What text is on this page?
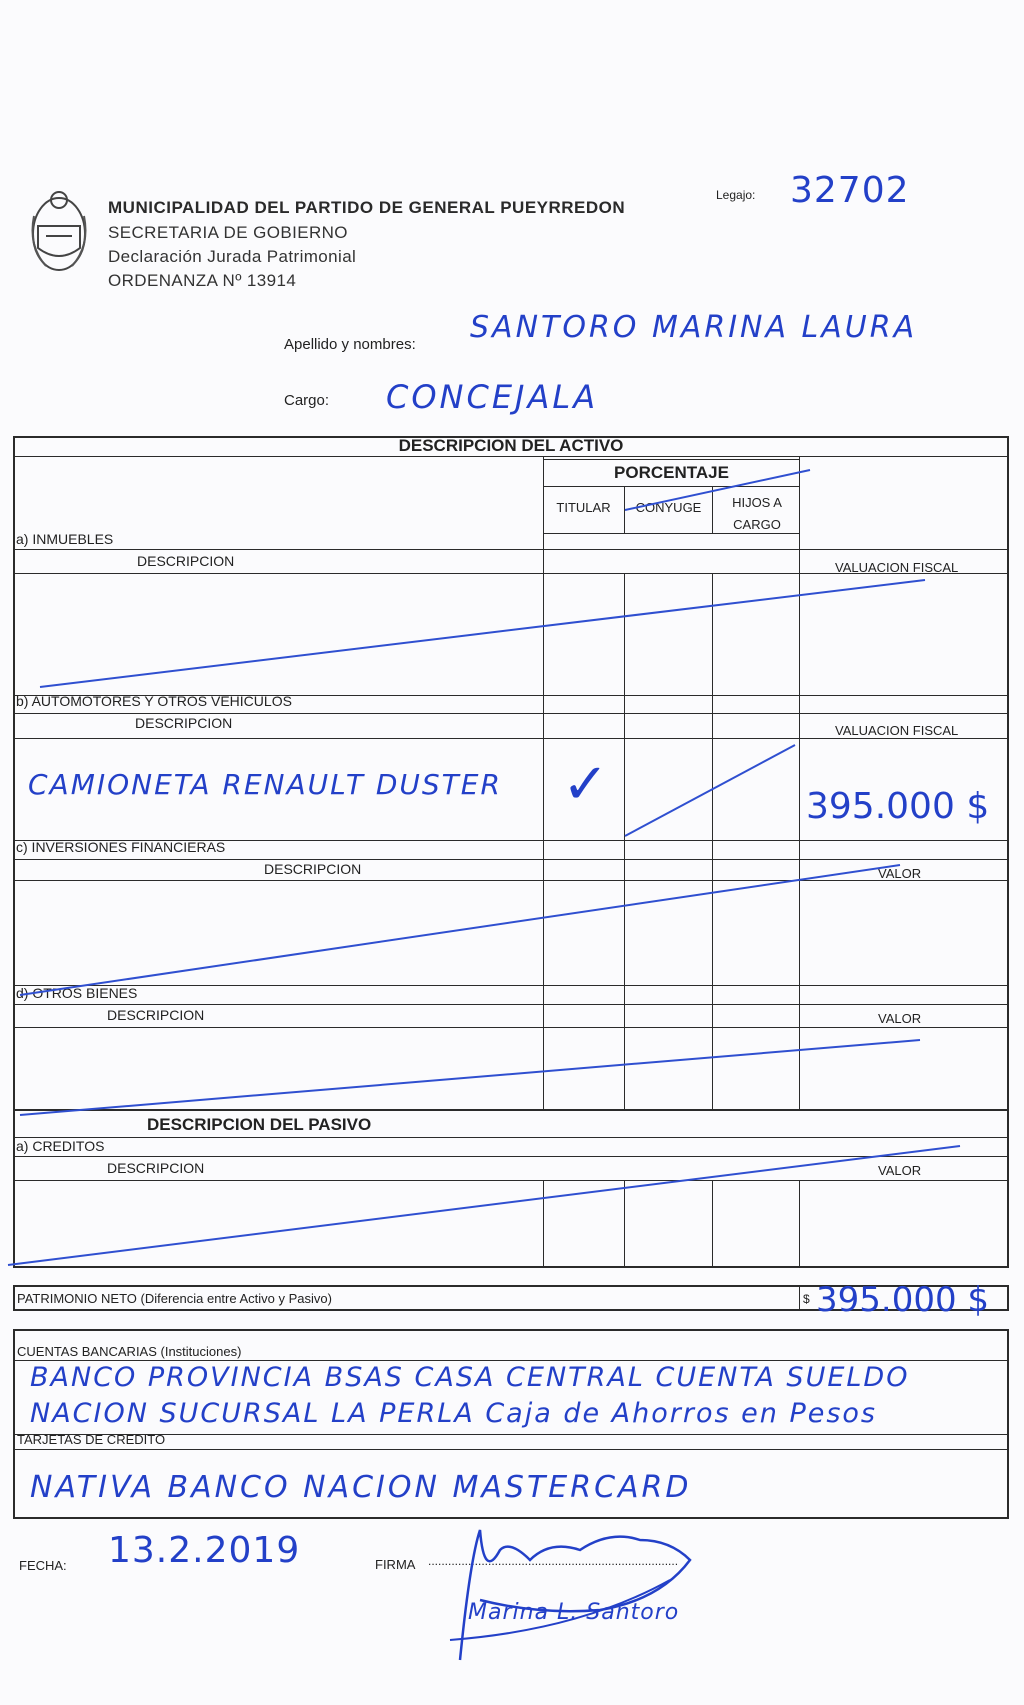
MUNICIPALIDAD DEL PARTIDO DE GENERAL PUEYRREDON
SECRETARIA DE GOBIERNO
Declaración Jurada Patrimonial
ORDENANZA Nº 13914
Legajo: 32702
Apellido y nombres: SANTORO MARINA LAURA
Cargo: CONCEJALA
DESCRIPCION DEL ACTIVO
PORCENTAJE
TITULAR	CONYUGE	HIJOS A CARGO
a) INMUEBLES
DESCRIPCION	VALUACION FISCAL
b) AUTOMOTORES Y OTROS VEHICULOS
DESCRIPCION	VALUACION FISCAL
CAMIONETA RENAULT DUSTER ✓	395.000 $
c) INVERSIONES FINANCIERAS
DESCRIPCION	VALOR
d) OTROS BIENES
DESCRIPCION	VALOR
DESCRIPCION DEL PASIVO
a) CREDITOS
DESCRIPCION	VALOR
PATRIMONIO NETO (Diferencia entre Activo y Pasivo)	$ 395.000 $
CUENTAS BANCARIAS (Instituciones)
BANCO PROVINCIA BSAS CASA CENTRAL CUENTA SUELDO
NACION SUCURSAL LA PERLA Caja de Ahorros en Pesos
TARJETAS DE CREDITO
NATIVA BANCO NACION MASTERCARD
FECHA: 13.2.2019	FIRMA ...........................................................................
Marina L. Santoro
